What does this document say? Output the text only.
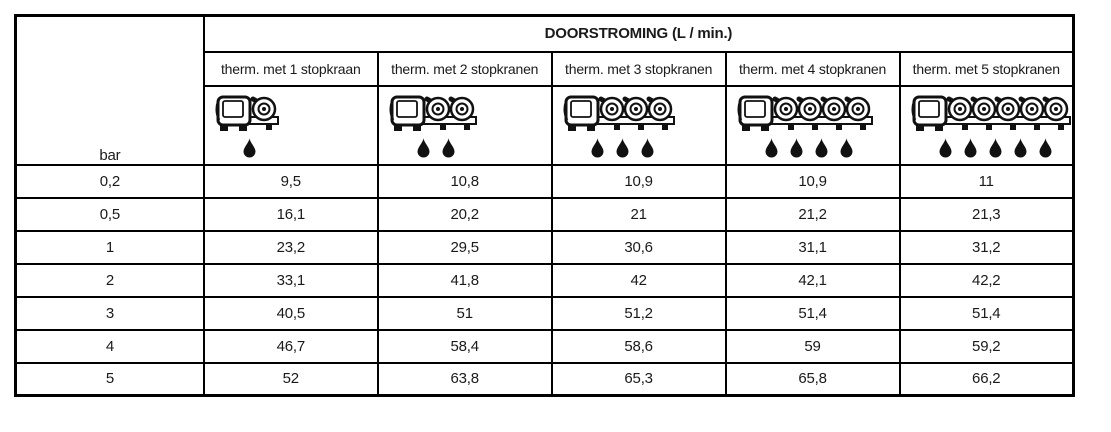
bar	DOORSTROMING (L / min.)				
	therm. met 1 stopkraan	therm. met 2 stopkranen	therm. met 3 stopkranen	therm. met 4 stopkranen	therm. met 5 stopkranen

0,2	9,5	10,8	10,9	10,9	11
0,5	16,1	20,2	21	21,2	21,3
1	23,2	29,5	30,6	31,1	31,2
2	33,1	41,8	42	42,1	42,2
3	40,5	51	51,2	51,4	51,4
4	46,7	58,4	58,6	59	59,2
5	52	63,8	65,3	65,8	66,2
